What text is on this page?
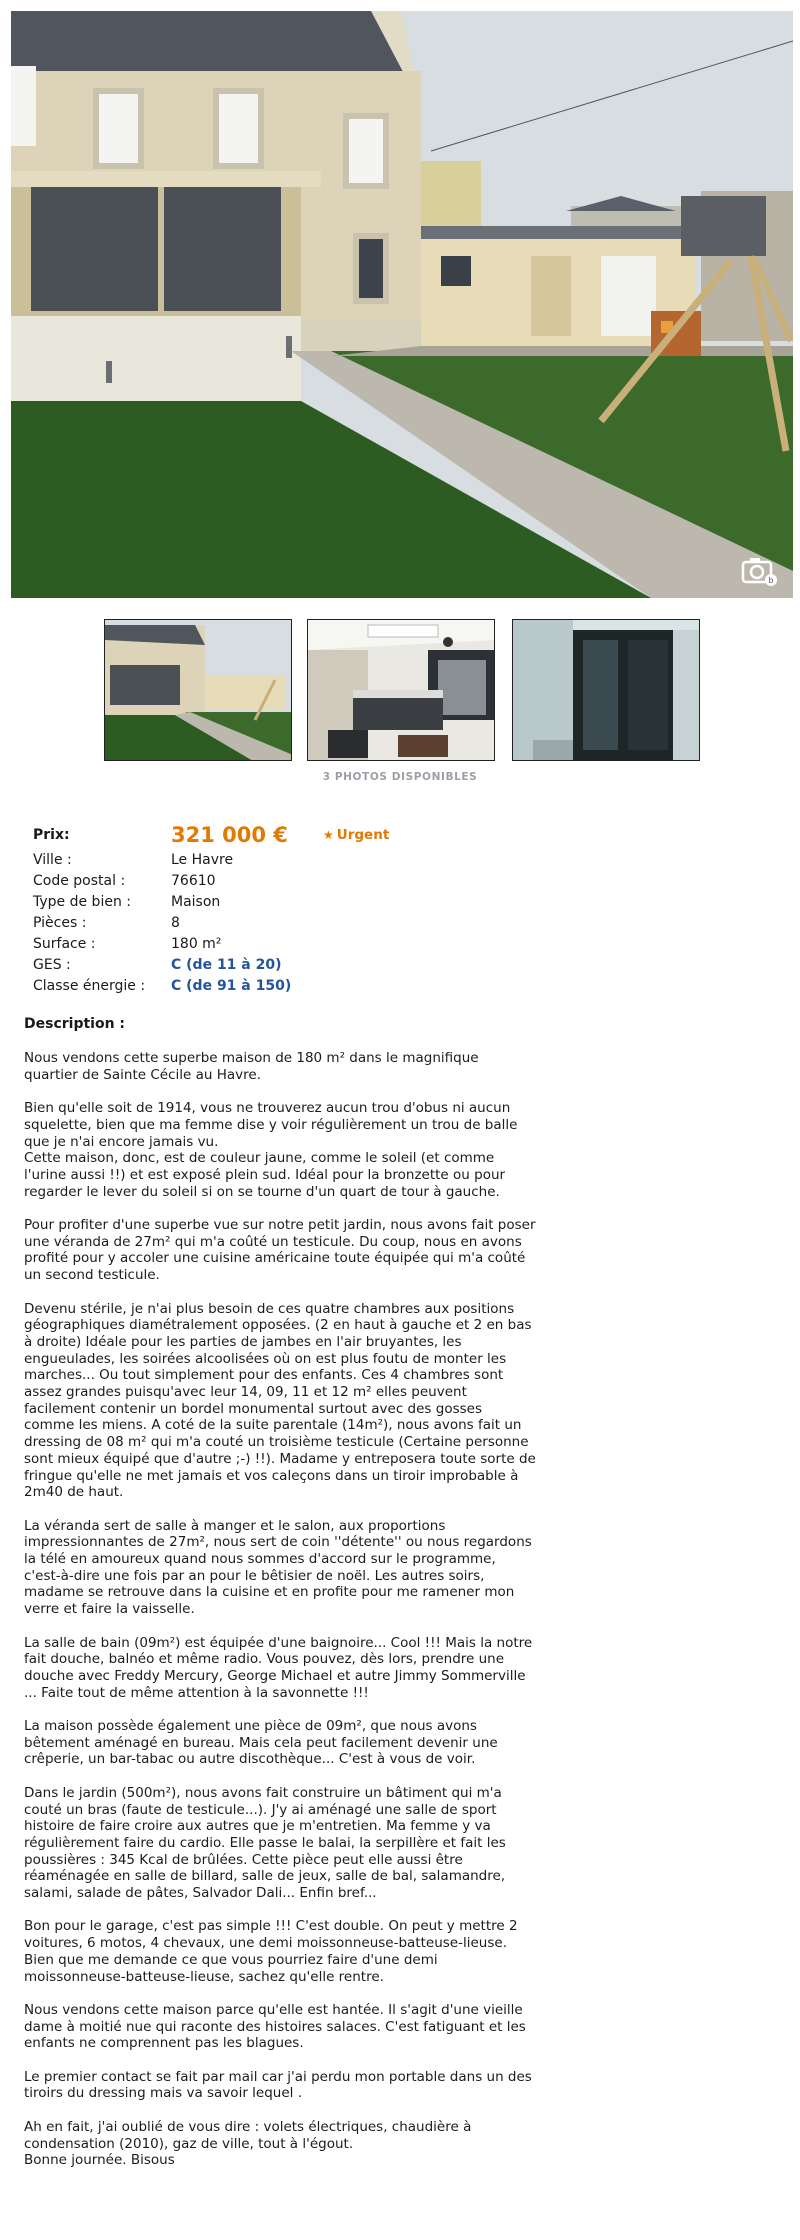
b
3 PHOTOS DISPONIBLES
Prix:	321 000 €	★ Urgent
Ville :	Le Havre
Code postal :	76610
Type de bien :	Maison
Pièces :	8
Surface :	180 m²
GES :	C (de 11 à 20)
Classe énergie : C (de 91 à 150)
Description :

Nous vendons cette superbe maison de 180 m² dans le magnifique quartier de Sainte Cécile au Havre.

Bien qu'elle soit de 1914, vous ne trouverez aucun trou d'obus ni aucun squelette, bien que ma femme dise y voir régulièrement un trou de balle que je n'ai encore jamais vu.
Cette maison, donc, est de couleur jaune, comme le soleil (et comme l'urine aussi !!) et est exposé plein sud. Idéal pour la bronzette ou pour regarder le lever du soleil si on se tourne d'un quart de tour à gauche.

Pour profiter d'une superbe vue sur notre petit jardin, nous avons fait poser une véranda de 27m² qui m'a coûté un testicule. Du coup, nous en avons profité pour y accoler une cuisine américaine toute équipée qui m'a coûté un second testicule.

Devenu stérile, je n'ai plus besoin de ces quatre chambres aux positions géographiques diamétralement opposées. (2 en haut à gauche et 2 en bas à droite) Idéale pour les parties de jambes en l'air bruyantes, les engueulades, les soirées alcoolisées où on est plus foutu de monter les marches... Ou tout simplement pour des enfants. Ces 4 chambres sont assez grandes puisqu'avec leur 14, 09, 11 et 12 m² elles peuvent facilement contenir un bordel monumental surtout avec des gosses comme les miens. A coté de la suite parentale (14m²), nous avons fait un dressing de 08 m² qui m'a couté un troisième testicule (Certaine personne sont mieux équipé que d'autre ;-) !!). Madame y entreposera toute sorte de fringue qu'elle ne met jamais et vos caleçons dans un tiroir improbable à 2m40 de haut.

La véranda sert de salle à manger et le salon, aux proportions impressionnantes de 27m², nous sert de coin ''détente'' ou nous regardons la télé en amoureux quand nous sommes d'accord sur le programme, c'est-à-dire une fois par an pour le bêtisier de noël. Les autres soirs, madame se retrouve dans la cuisine et en profite pour me ramener mon verre et faire la vaisselle.

La salle de bain (09m²) est équipée d'une baignoire... Cool !!! Mais la notre fait douche, balnéo et même radio. Vous pouvez, dès lors, prendre une douche avec Freddy Mercury, George Michael et autre Jimmy Sommerville ... Faite tout de même attention à la savonnette !!!

La maison possède également une pièce de 09m², que nous avons bêtement aménagé en bureau. Mais cela peut facilement devenir une crêperie, un bar-tabac ou autre discothèque... C'est à vous de voir.

Dans le jardin (500m²), nous avons fait construire un bâtiment qui m'a couté un bras (faute de testicule...). J'y ai aménagé une salle de sport histoire de faire croire aux autres que je m'entretien. Ma femme y va régulièrement faire du cardio. Elle passe le balai, la serpillère et fait les poussières : 345 Kcal de brûlées. Cette pièce peut elle aussi être réaménagée en salle de billard, salle de jeux, salle de bal, salamandre, salami, salade de pâtes, Salvador Dali... Enfin bref...

Bon pour le garage, c'est pas simple !!! C'est double. On peut y mettre 2 voitures, 6 motos, 4 chevaux, une demi moissonneuse-batteuse-lieuse. Bien que me demande ce que vous pourriez faire d'une demi moissonneuse-batteuse-lieuse, sachez qu'elle rentre.

Nous vendons cette maison parce qu'elle est hantée. Il s'agit d'une vieille dame à moitié nue qui raconte des histoires salaces. C'est fatiguant et les enfants ne comprennent pas les blagues.

Le premier contact se fait par mail car j'ai perdu mon portable dans un des tiroirs du dressing mais va savoir lequel .

Ah en fait, j'ai oublié de vous dire : volets électriques, chaudière à condensation (2010), gaz de ville, tout à l'égout.
Bonne journée. Bisous
